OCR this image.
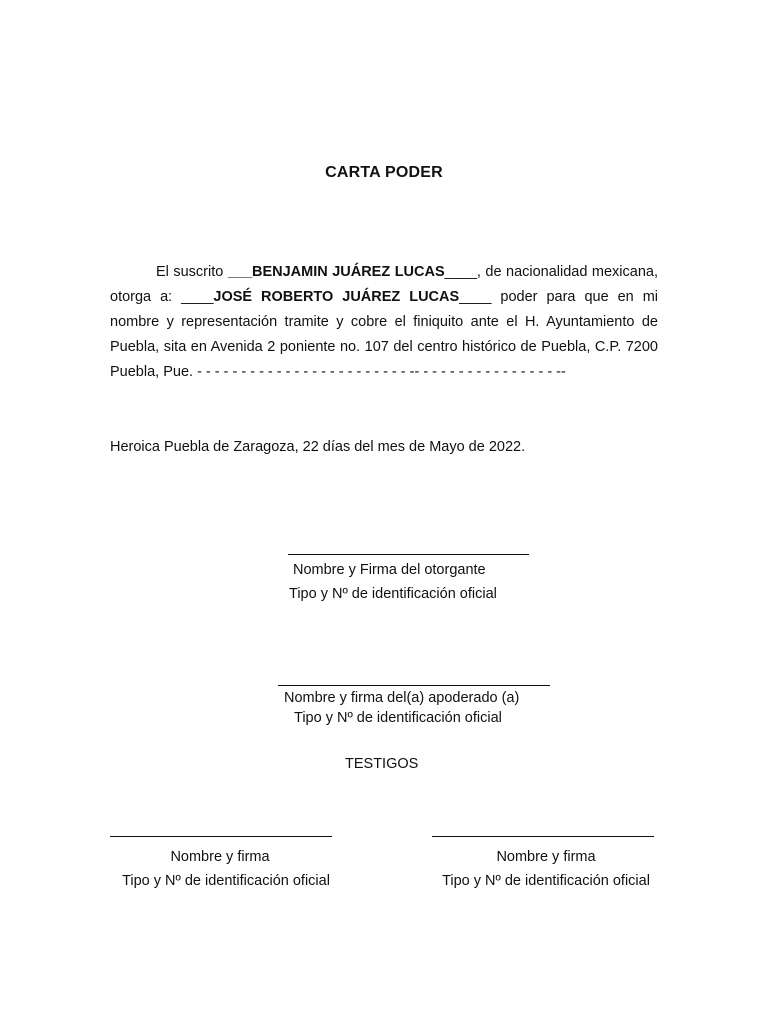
CARTA PODER

El suscrito ___BENJAMIN JUÁREZ LUCAS____, de nacionalidad mexicana, otorga a: ____JOSÉ ROBERTO JUÁREZ LUCAS____ poder para que en mi nombre y representación tramite y cobre el finiquito ante el H. Ayuntamiento de Puebla, sita en Avenida 2 poniente no. 107 del centro histórico de Puebla, C.P. 7200 Puebla, Pue. - - - - - - - - - - - - - - - - - - - - - - - - -- - - - - - - - - - - - - - - - --

Heroica Puebla de Zaragoza, 22 días del mes de Mayo de 2022.
Nombre y Firma del otorgante
Tipo y Nº de identificación oficial
Nombre y firma del(a) apoderado (a)
Tipo y Nº de identificación oficial
TESTIGOS
Nombre y firma
Tipo y Nº de identificación oficial
Nombre y firma
Tipo y Nº de identificación oficial
